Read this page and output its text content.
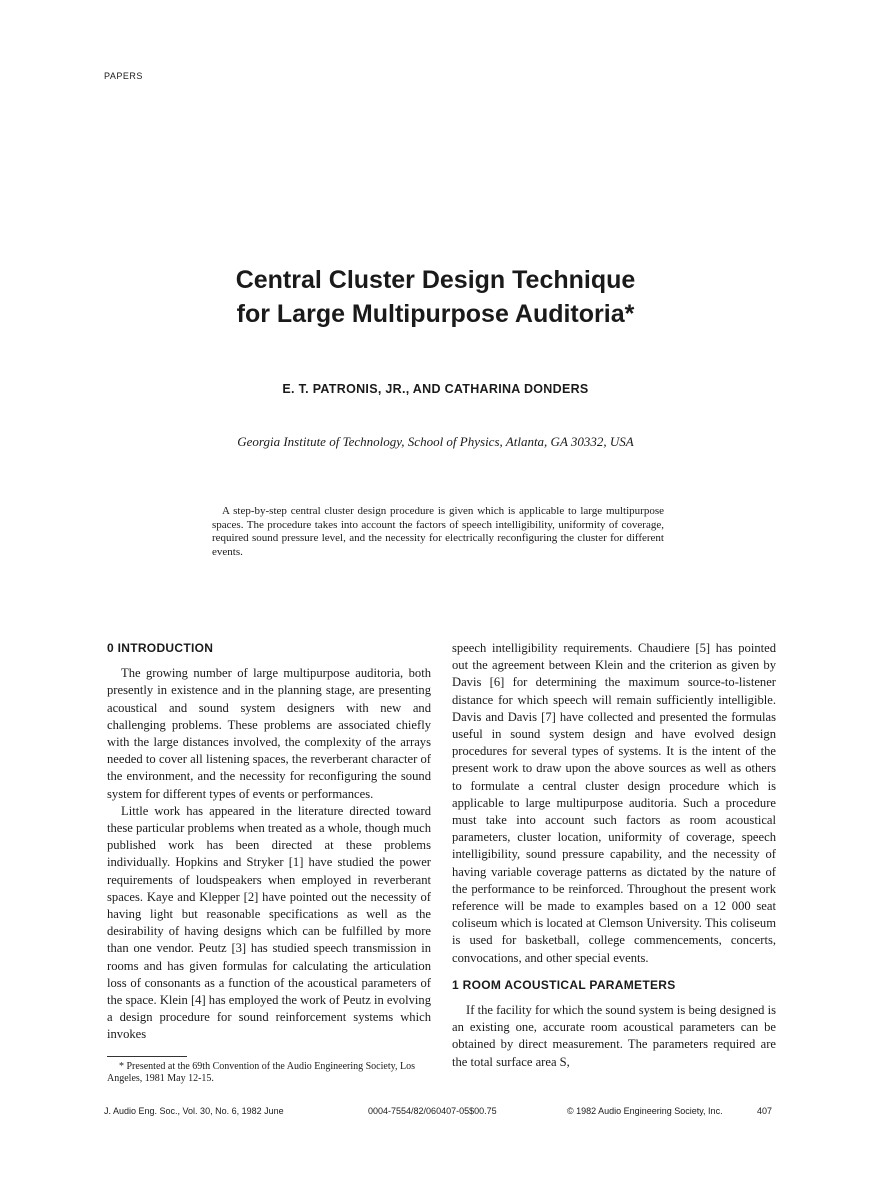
PAPERS
Central Cluster Design Technique
for Large Multipurpose Auditoria*
E. T. PATRONIS, JR., AND CATHARINA DONDERS
Georgia Institute of Technology, School of Physics, Atlanta, GA 30332, USA
A step-by-step central cluster design procedure is given which is applicable to large multipurpose spaces. The procedure takes into account the factors of speech intelligibility, uniformity of coverage, required sound pressure level, and the necessity for electrically reconfiguring the cluster for different events.
0 INTRODUCTION

The growing number of large multipurpose auditoria, both presently in existence and in the planning stage, are presenting acoustical and sound system designers with new and challenging problems. These problems are associated chiefly with the large distances involved, the complexity of the arrays needed to cover all listening spaces, the reverberant character of the environment, and the necessity for reconfiguring the sound system for different types of events or performances.

Little work has appeared in the literature directed toward these particular problems when treated as a whole, though much published work has been directed at these problems individually. Hopkins and Stryker [1] have studied the power requirements of loudspeakers when employed in reverberant spaces. Kaye and Klepper [2] have pointed out the necessity of having light but reasonable specifications as well as the desirability of having designs which can be fulfilled by more than one vendor. Peutz [3] has studied speech transmission in rooms and has given formulas for calculating the articulation loss of consonants as a function of the acoustical parameters of the space. Klein [4] has employed the work of Peutz in evolving a design procedure for sound reinforcement systems which invokes

speech intelligibility requirements. Chaudiere [5] has pointed out the agreement between Klein and the criterion as given by Davis [6] for determining the maximum source-to-listener distance for which speech will remain sufficiently intelligible. Davis and Davis [7] have collected and presented the formulas useful in sound system design and have evolved design procedures for several types of systems. It is the intent of the present work to draw upon the above sources as well as others to formulate a central cluster design procedure which is applicable to large multipurpose auditoria. Such a procedure must take into account such factors as room acoustical parameters, cluster location, uniformity of coverage, speech intelligibility, sound pressure capability, and the necessity of having variable coverage patterns as dictated by the nature of the performance to be reinforced. Throughout the present work reference will be made to examples based on a 12 000 seat coliseum which is located at Clemson University. This coliseum is used for basketball, college commencements, concerts, convocations, and other special events.

1 ROOM ACOUSTICAL PARAMETERS

If the facility for which the sound system is being designed is an existing one, accurate room acoustical parameters can be obtained by direct measurement. The parameters required are the total surface area S,

* Presented at the 69th Convention of the Audio Engineering Society, Los Angeles, 1981 May 12-15.
J. Audio Eng. Soc., Vol. 30, No. 6, 1982 June	0004-7554/82/060407-05$00.75	© 1982 Audio Engineering Society, Inc.	407
